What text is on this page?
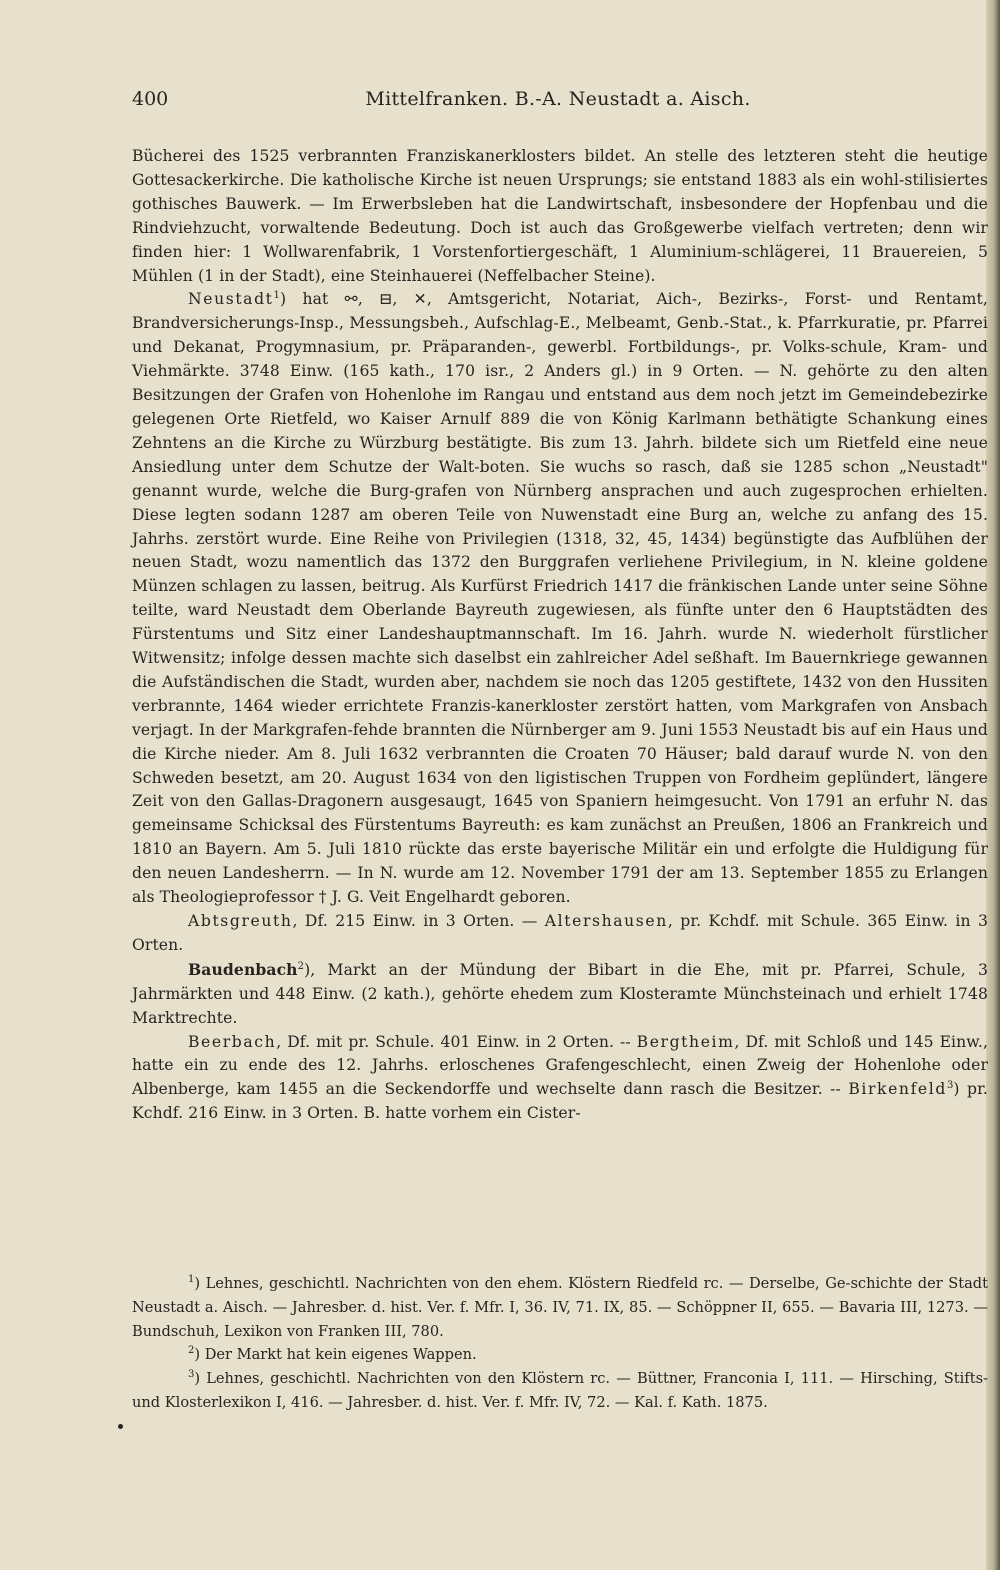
400	Mittelfranken. B.-A. Neustadt a. Aisch.

Bücherei des 1525 verbrannten Franziskanerklosters bildet. An stelle des letzteren steht die heutige Gottesackerkirche. Die katholische Kirche ist neuen Ursprungs; sie entstand 1883 als ein wohl-stilisiertes gothisches Bauwerk. — Im Erwerbsleben hat die Landwirtschaft, insbesondere der Hopfenbau und die Rindviehzucht, vorwaltende Bedeutung. Doch ist auch das Großgewerbe vielfach vertreten; denn wir finden hier: 1 Wollwarenfabrik, 1 Vorstenfortiergeschäft, 1 Aluminium-schlägerei, 11 Brauereien, 5 Mühlen (1 in der Stadt), eine Steinhauerei (Neffelbacher Steine).

Neustadt$^1$) hat ⚯, ⊟, ✕, Amtsgericht, Notariat, Aich-, Bezirks-, Forst- und Rentamt, Brandversicherungs-Insp., Messungsbeh., Aufschlag-E., Melbeamt, Genb.-Stat., k. Pfarrkuratie, pr. Pfarrei und Dekanat, Progymnasium, pr. Präparanden-, gewerbl. Fortbildungs-, pr. Volks-schule, Kram- und Viehmärkte. 3748 Einw. (165 kath., 170 isr., 2 Anders gl.) in 9 Orten. — N. gehörte zu den alten Besitzungen der Grafen von Hohenlohe im Rangau und entstand aus dem noch jetzt im Gemeindebezirke gelegenen Orte Rietfeld, wo Kaiser Arnulf 889 die von König Karlmann bethätigte Schankung eines Zehntens an die Kirche zu Würzburg bestätigte. Bis zum 13. Jahrh. bildete sich um Rietfeld eine neue Ansiedlung unter dem Schutze der Walt-boten. Sie wuchs so rasch, daß sie 1285 schon „Neustadt" genannt wurde, welche die Burg-grafen von Nürnberg ansprachen und auch zugesprochen erhielten. Diese legten sodann 1287 am oberen Teile von Nuwenstadt eine Burg an, welche zu anfang des 15. Jahrhs. zerstört wurde. Eine Reihe von Privilegien (1318, 32, 45, 1434) begünstigte das Aufblühen der neuen Stadt, wozu namentlich das 1372 den Burggrafen verliehene Privilegium, in N. kleine goldene Münzen schlagen zu lassen, beitrug. Als Kurfürst Friedrich 1417 die fränkischen Lande unter seine Söhne teilte, ward Neustadt dem Oberlande Bayreuth zugewiesen, als fünfte unter den 6 Hauptstädten des Fürstentums und Sitz einer Landeshauptmannschaft. Im 16. Jahrh. wurde N. wiederholt fürstlicher Witwensitz; infolge dessen machte sich daselbst ein zahlreicher Adel seßhaft. Im Bauernkriege gewannen die Aufständischen die Stadt, wurden aber, nachdem sie noch das 1205 gestiftete, 1432 von den Hussiten verbrannte, 1464 wieder errichtete Franzis-kanerkloster zerstört hatten, vom Markgrafen von Ansbach verjagt. In der Markgrafen-fehde brannten die Nürnberger am 9. Juni 1553 Neustadt bis auf ein Haus und die Kirche nieder. Am 8. Juli 1632 verbrannten die Croaten 70 Häuser; bald darauf wurde N. von den Schweden besetzt, am 20. August 1634 von den ligistischen Truppen von Fordheim geplündert, längere Zeit von den Gallas-Dragonern ausgesaugt, 1645 von Spaniern heimgesucht. Von 1791 an erfuhr N. das gemeinsame Schicksal des Fürstentums Bayreuth: es kam zunächst an Preußen, 1806 an Frankreich und 1810 an Bayern. Am 5. Juli 1810 rückte das erste bayerische Militär ein und erfolgte die Huldigung für den neuen Landesherrn. — In N. wurde am 12. November 1791 der am 13. September 1855 zu Erlangen als Theologieprofessor † J. G. Veit Engelhardt geboren.

Abtsgreuth, Df. 215 Einw. in 3 Orten. — Altershausen, pr. Kchdf. mit Schule. 365 Einw. in 3 Orten.

Baudenbach$^2$), Markt an der Mündung der Bibart in die Ehe, mit pr. Pfarrei, Schule, 3 Jahrmärkten und 448 Einw. (2 kath.), gehörte ehedem zum Klosteramte Münchsteinach und erhielt 1748 Marktrechte.

Beerbach, Df. mit pr. Schule. 401 Einw. in 2 Orten. -- Bergtheim, Df. mit Schloß und 145 Einw., hatte ein zu ende des 12. Jahrhs. erloschenes Grafengeschlecht, einen Zweig der Hohenlohe oder Albenberge, kam 1455 an die Seckendorffe und wechselte dann rasch die Besitzer. -- Birkenfeld$^3$) pr. Kchdf. 216 Einw. in 3 Orten. B. hatte vorhem ein Cister-

$^1$) Lehnes, geschichtl. Nachrichten von den ehem. Klöstern Riedfeld rc. — Derselbe, Ge-schichte der Stadt Neustadt a. Aisch. — Jahresber. d. hist. Ver. f. Mfr. I, 36. IV, 71. IX, 85. — Schöppner II, 655. — Bavaria III, 1273. — Bundschuh, Lexikon von Franken III, 780.

$^2$) Der Markt hat kein eigenes Wappen.

$^3$) Lehnes, geschichtl. Nachrichten von den Klöstern rc. — Büttner, Franconia I, 111. — Hirsching, Stifts- und Klosterlexikon I, 416. — Jahresber. d. hist. Ver. f. Mfr. IV, 72. — Kal. f. Kath. 1875.
